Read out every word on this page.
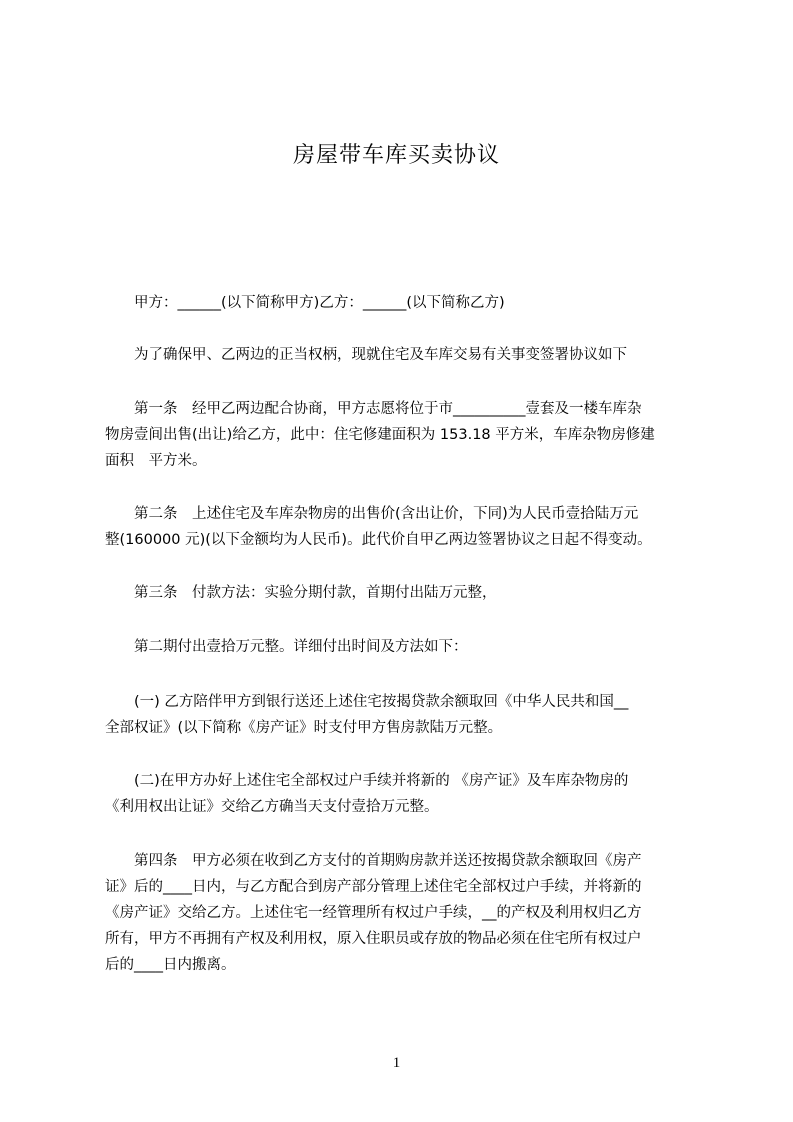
房屋带车库买卖协议
　　甲方：______(以下简称甲方)乙方：______(以下简称乙方)
　　为了确保甲、乙两边的正当权柄，现就住宅及车库交易有关事变签署协议如下
　　第一条　经甲乙两边配合协商，甲方志愿将位于市__________壹套及一楼车库杂
物房壹间出售(出让)给乙方，此中：住宅修建面积为 153.18 平方米，车库杂物房修建
面积　平方米。
　　第二条　上述住宅及车库杂物房的出售价(含出让价，下同)为人民币壹拾陆万元
整(160000 元)(以下金额均为人民币)。此代价自甲乙两边签署协议之日起不得变动。
　　第三条　付款方法：实验分期付款，首期付出陆万元整，
　　第二期付出壹拾万元整。详细付出时间及方法如下：
　　(一) 乙方陪伴甲方到银行送还上述住宅按揭贷款余额取回《中华人民共和国__
全部权证》(以下简称《房产证》时支付甲方售房款陆万元整。
　　(二)在甲方办好上述住宅全部权过户手续并将新的 《房产证》及车库杂物房的
《利用权出让证》交给乙方确当天支付壹拾万元整。
　　第四条　甲方必须在收到乙方支付的首期购房款并送还按揭贷款余额取回《房产
证》后的____日内，与乙方配合到房产部分管理上述住宅全部权过户手续，并将新的
《房产证》交给乙方。上述住宅一经管理所有权过户手续，__的产权及利用权归乙方
所有，甲方不再拥有产权及利用权，原入住职员或存放的物品必须在住宅所有权过户
后的____日内搬离。
1
